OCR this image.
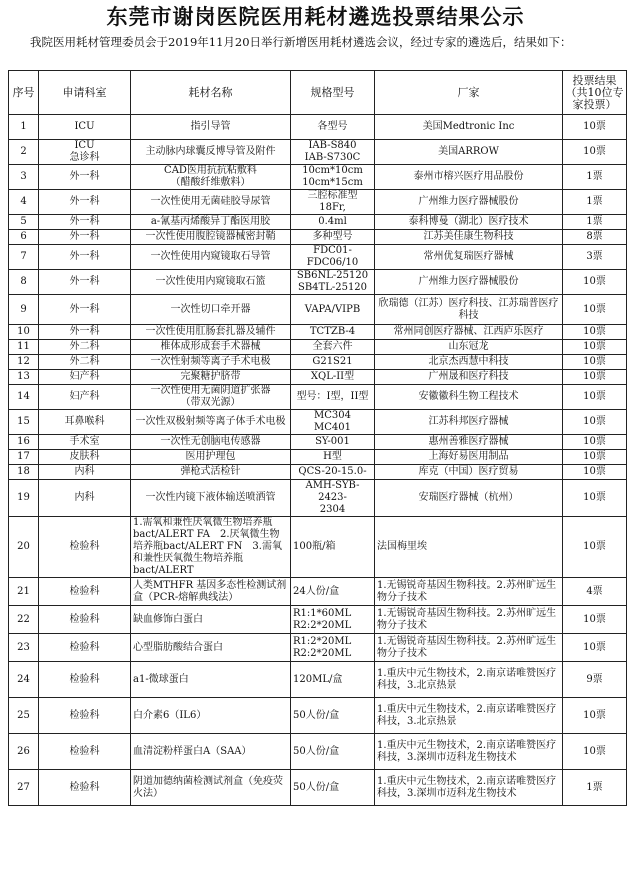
东莞市谢岗医院医用耗材遴选投票结果公示
我院医用耗材管理委员会于2019年11月20日举行新增医用耗材遴选会议，经过专家的遴选后，结果如下：
序号	申请科室	耗材名称	规格型号	厂家	投票结果（共10位专家投票）
1	ICU	指引导管	各型号	美国Medtronic Inc	10票
2	ICU
急诊科	主动脉内球囊反博导管及附件	IAB-S840
IAB-S730C	美国ARROW	10票
3	外一科	CAD医用抗抗粘敷料
（醋酸纤维敷料）	10cm*10cm
10cm*15cm	泰州市榕兴医疗用品股份	1票
4	外一科	一次性使用无菌硅胶导尿管	三腔标准型
18Fr,	广州维力医疗器械股份	1票
5	外一科	a-氰基丙烯酸异丁酯医用胶	0.4ml	泰科博曼（湖北）医疗技术	1票
6	外一科	一次性使用腹腔镜器械密封鞘	多种型号	江苏美佳康生物科技	8票
7	外一科	一次性使用内窥镜取石导管	FDC01-
FDC06/10	常州优复瑞医疗器械	3票
8	外一科	一次性使用内窥镜取石篮	SB6NL-25120
SB4TL-25120	广州维力医疗器械股份	10票
9	外一科	一次性切口牵开器	VAPA/VIPB	欣瑞德（江苏）医疗科技、江苏瑞普医疗科技	10票
10	外一科	一次性使用肛肠套扎器及辅件	TCTZB-4	常州同创医疗器械、江西庐乐医疗	10票
11	外二科	椎体成形成套手术器械	全套六件	山东冠龙	10票
12	外二科	一次性射频等离子手术电极	G21S21	北京杰西慧中科技	10票
13	妇产科	完聚糖护脐带	XQL-II型	广州晟和医疗科技	10票
14	妇产科	一次性使用无菌阴道扩张器
（带双光源）	型号：I型，II型	安徽徽科生物工程技术	10票
15	耳鼻喉科	一次性双极射频等离子体手术电极	MC304
MC401	江苏科邦医疗器械	10票
16	手术室	一次性无创脑电传感器	SY-001	惠州善雅医疗器械	10票
17	皮肤科	医用护理包	H型	上海好易医用制品	10票
18	内科	弹枪式活检针	QCS-20-15.0-	库克（中国）医疗贸易	10票
19	内科	一次性内镜下液体输送喷洒管	AMH-SYB-2423-
2304	安瑞医疗器械（杭州）	10票
20	检验科	1.需氧和兼性厌氧微生物培养瓶bact/ALERT FA　2.厌氧微生物培养瓶bact/ALERT FN　3.需氧和兼性厌氧微生物培养瓶bact/ALERT	100瓶/箱	法国梅里埃	10票
21	检验科	人类MTHFR 基因多态性检测试剂盒（PCR-熔解典线法）	24人份/盒	1.无锡锐奇基因生物科技。2.苏州旷远生物分子技术	4票
22	检验科	缺血修饰白蛋白	R1:1*60ML
R2:2*20ML	1.无锡锐奇基因生物科技。2.苏州旷远生物分子技术	10票
23	检验科	心型脂肪酸结合蛋白	R1:2*20ML
R2:2*20ML	1.无锡锐奇基因生物科技。2.苏州旷远生物分子技术	10票
24	检验科	a1-微球蛋白	120ML/盒	1.重庆中元生物技术，2.南京诺唯赞医疗科技，3.北京热景	9票
25	检验科	白介素6（IL6）	50人份/盒	1.重庆中元生物技术，2.南京诺唯赞医疗科技，3.北京热景	10票
26	检验科	血清淀粉样蛋白A（SAA）	50人份/盒	1.重庆中元生物技术，2.南京诺唯赞医疗科技，3.深圳市迈科龙生物技术	10票
27	检验科	阴道加德纳菌检测试剂盒（免疫荧火法）	50人份/盒	1.重庆中元生物技术，2.南京诺唯赞医疗科技，3.深圳市迈科龙生物技术	1票
